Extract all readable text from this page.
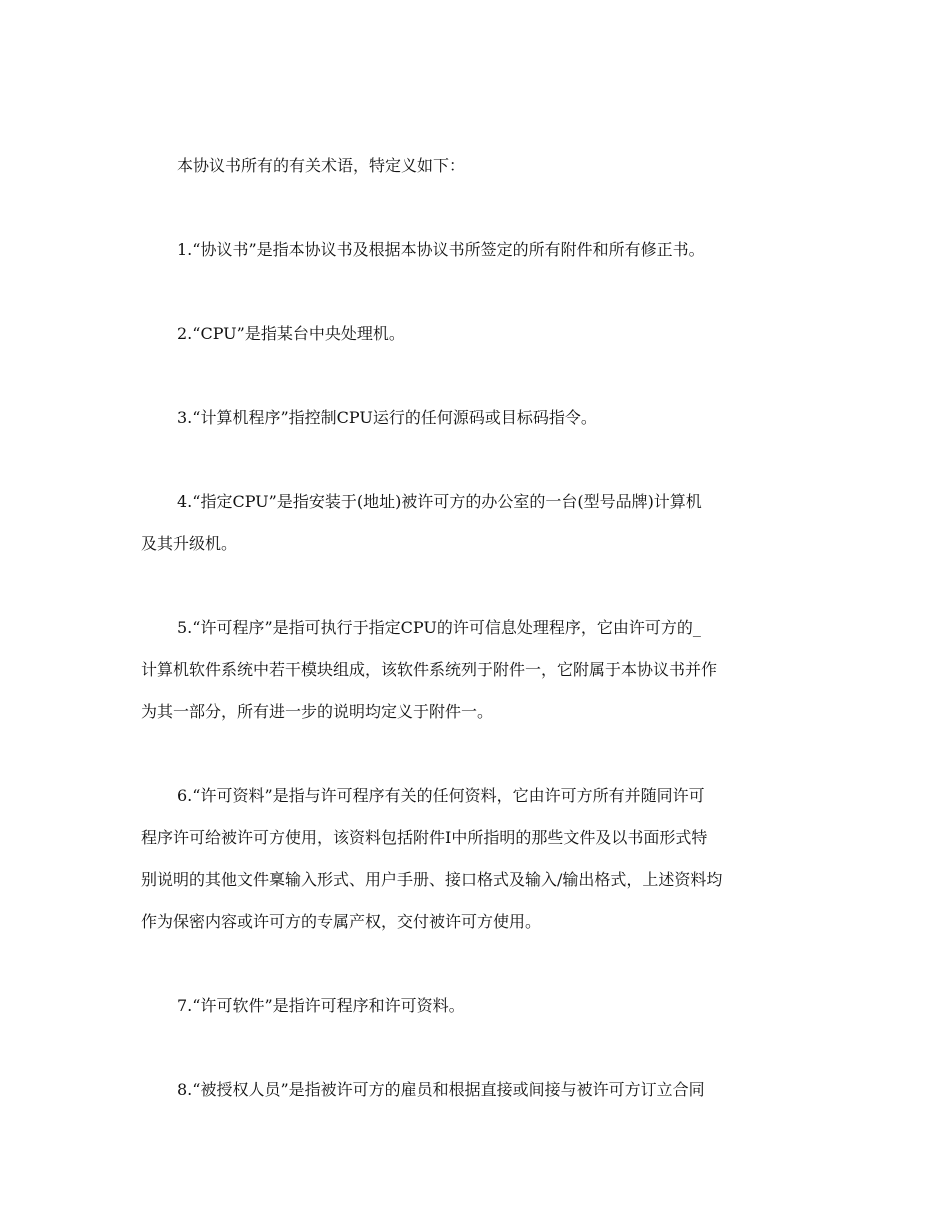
本协议书所有的有关术语，特定义如下：

1.“协议书”是指本协议书及根据本协议书所签定的所有附件和所有修正书。

2.“CPU”是指某台中央处理机。

3.“计算机程序”指控制CPU运行的任何源码或目标码指令。

4.“指定CPU”是指安装于(地址)被许可方的办公室的一台(型号品牌)计算机
及其升级机。

5.“许可程序”是指可执行于指定CPU的许可信息处理程序，它由许可方的_
计算机软件系统中若干模块组成，该软件系统列于附件一，它附属于本协议书并作
为其一部分，所有进一步的说明均定义于附件一。

6.“许可资料”是指与许可程序有关的任何资料，它由许可方所有并随同许可
程序许可给被许可方使用，该资料包括附件I中所指明的那些文件及以书面形式特
别说明的其他文件稟输入形式、用户手册、接口格式及输入/输出格式，上述资料均
作为保密内容或许可方的专属产权，交付被许可方使用。

7.“许可软件”是指许可程序和许可资料。

8.“被授权人员”是指被许可方的雇员和根据直接或间接与被许可方订立合同
